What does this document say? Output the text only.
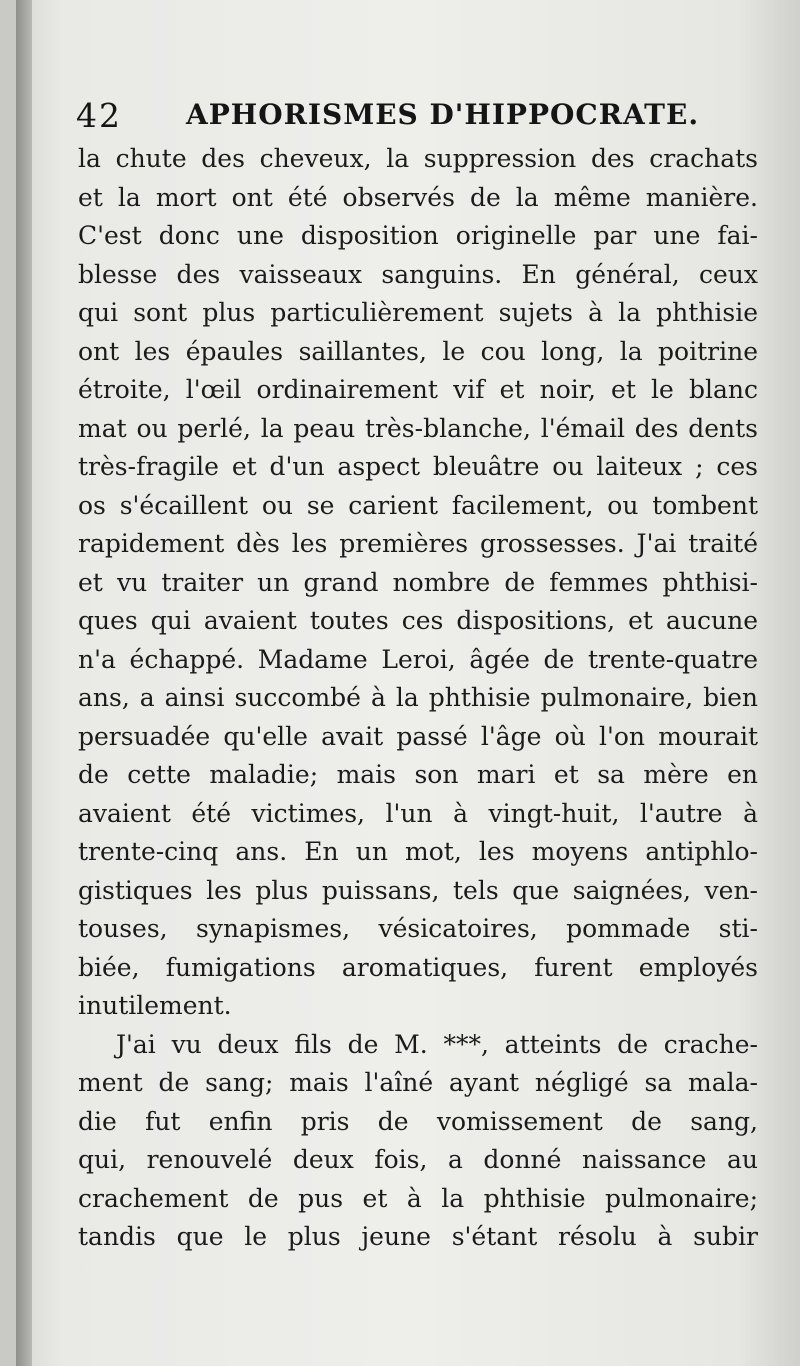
42 APHORISMES D'HIPPOCRATE.
la chute des cheveux, la suppression des crachats
et la mort ont été observés de la même manière.
C'est donc une disposition originelle par une fai-
blesse des vaisseaux sanguins. En général, ceux
qui sont plus particulièrement sujets à la phthisie
ont les épaules saillantes, le cou long, la poitrine
étroite, l'œil ordinairement vif et noir, et le blanc
mat ou perlé, la peau très-blanche, l'émail des dents
très-fragile et d'un aspect bleuâtre ou laiteux ; ces
os s'écaillent ou se carient facilement, ou tombent
rapidement dès les premières grossesses. J'ai traité
et vu traiter un grand nombre de femmes phthisi-
ques qui avaient toutes ces dispositions, et aucune
n'a échappé. Madame Leroi, âgée de trente-quatre
ans, a ainsi succombé à la phthisie pulmonaire, bien
persuadée qu'elle avait passé l'âge où l'on mourait
de cette maladie; mais son mari et sa mère en
avaient été victimes, l'un à vingt-huit, l'autre à
trente-cinq ans. En un mot, les moyens antiphlo-
gistiques les plus puissans, tels que saignées, ven-
touses, synapismes, vésicatoires, pommade sti-
biée, fumigations aromatiques, furent employés
inutilement.
J'ai vu deux fils de M. ***, atteints de crache-
ment de sang; mais l'aîné ayant négligé sa mala-
die fut enfin pris de vomissement de sang,
qui, renouvelé deux fois, a donné naissance au
crachement de pus et à la phthisie pulmonaire;
tandis que le plus jeune s'étant résolu à subir
